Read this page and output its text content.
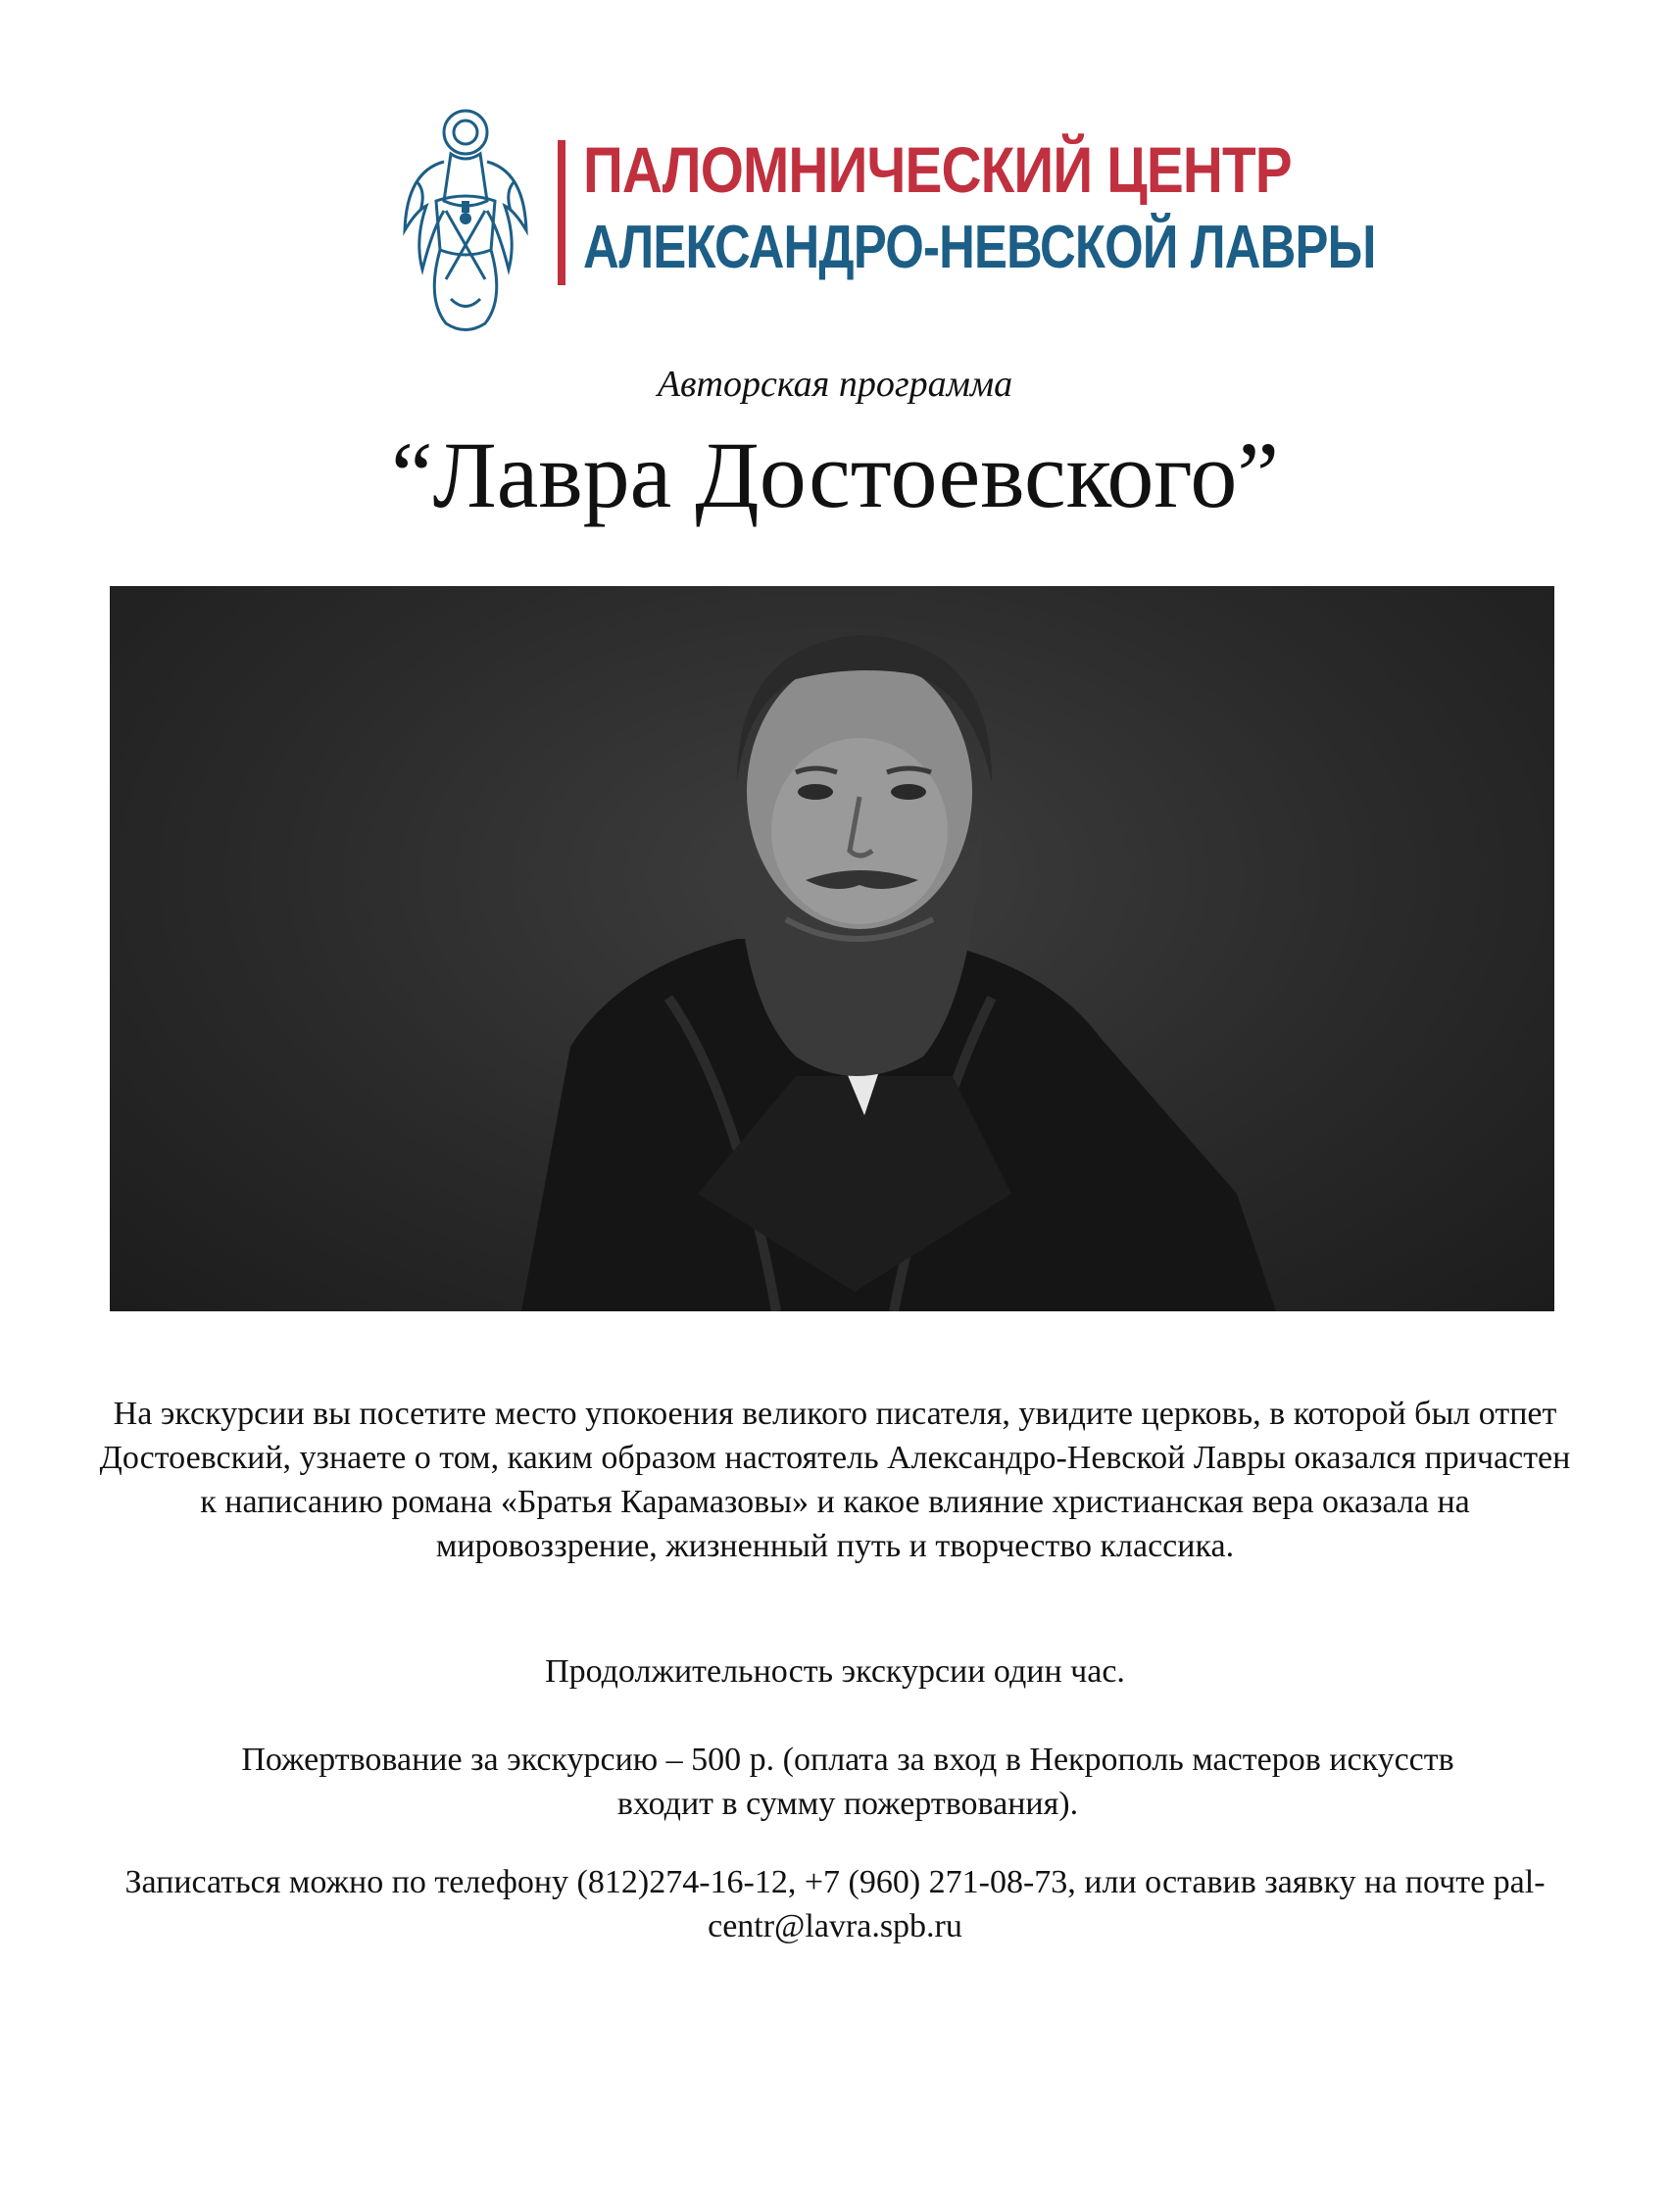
ПАЛОМНИЧЕСКИЙ ЦЕНТР
АЛЕКСАНДРО-НЕВСКОЙ ЛАВРЫ
Авторская программа
“Лавра Достоевского”

На экскурсии вы посетите место упокоения великого писателя, увидите церковь, в которой был отпет Достоевский, узнаете о том, каким образом настоятель Александро-Невской Лавры оказался причастен к написанию романа «Братья Карамазовы» и какое влияние христианская вера оказала на мировоззрение, жизненный путь и творчество классика.

Продолжительность экскурсии один час.

Пожертвование за экскурсию – 500 р. (оплата за вход в Некрополь мастеров искусств входит в сумму пожертвования).

Записаться можно по телефону (812)274-16-12, +7 (960) 271-08-73, или оставив заявку на почте pal-centr@lavra.spb.ru
